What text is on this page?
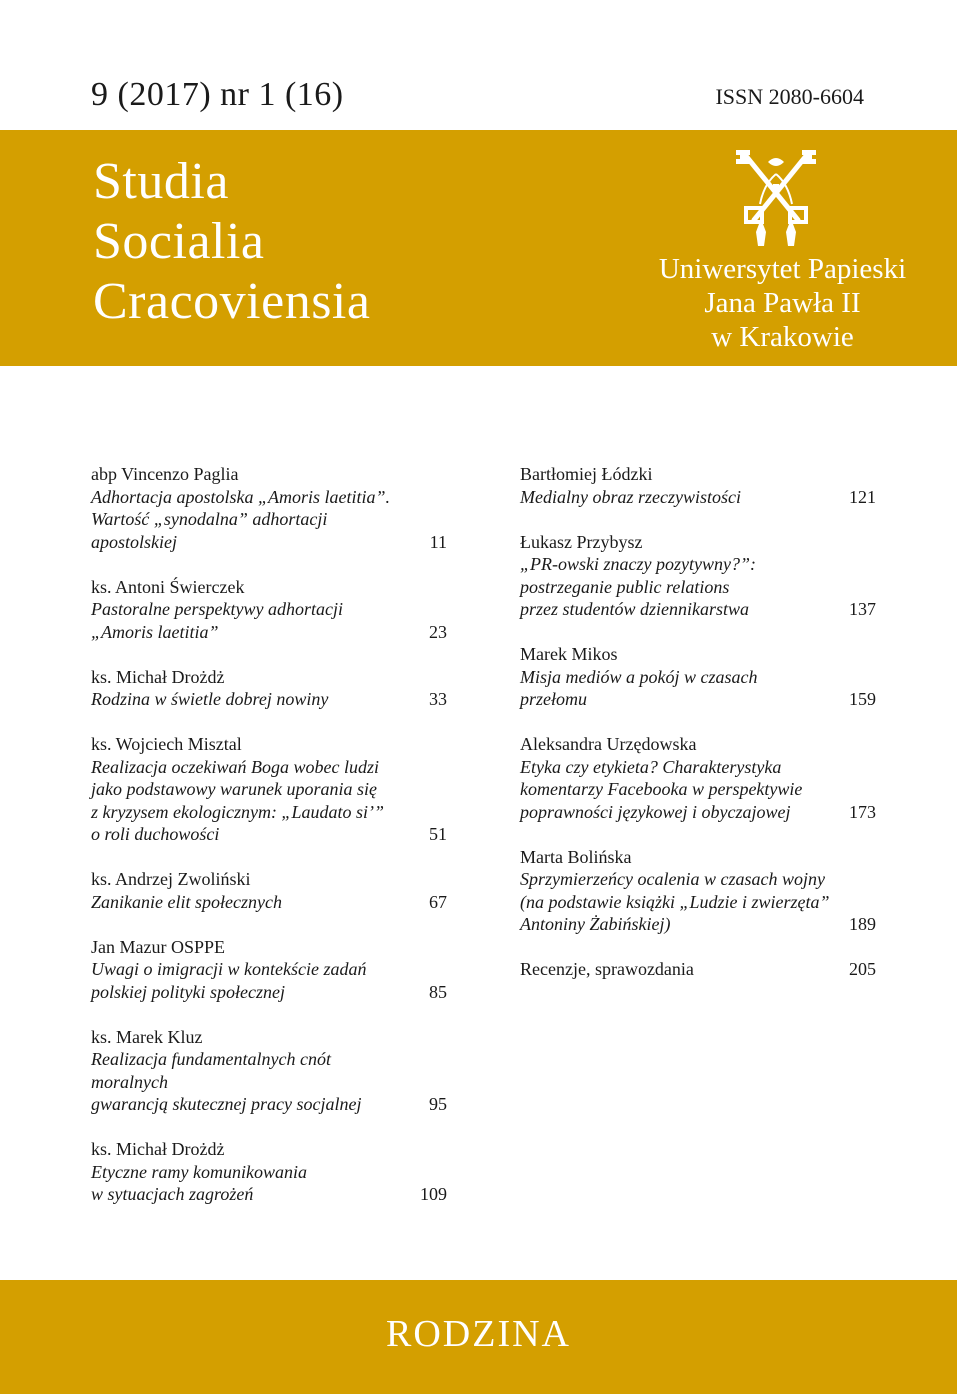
9 (2017) nr 1 (16)	ISSN 2080-6604
Studia
Socialia
Cracoviensia
Uniwersytet Papieski
Jana Pawła II
w Krakowie
abp Vincenzo Paglia
Adhortacja apostolska „Amoris laetitia”.
Wartość „synodalna” adhortacji apostolskiej	11
ks. Antoni Świerczek
Pastoralne perspektywy adhortacji
„Amoris laetitia”	23
ks. Michał Drożdż
Rodzina w świetle dobrej nowiny	33
ks. Wojciech Misztal
Realizacja oczekiwań Boga wobec ludzi
jako podstawowy warunek uporania się
z kryzysem ekologicznym: „Laudato si’”
o roli duchowości	51
ks. Andrzej Zwoliński
Zanikanie elit społecznych	67
Jan Mazur OSPPE
Uwagi o imigracji w kontekście zadań
polskiej polityki społecznej	85
ks. Marek Kluz
Realizacja fundamentalnych cnót moralnych
gwarancją skutecznej pracy socjalnej	95
ks. Michał Drożdż
Etyczne ramy komunikowania
w sytuacjach zagrożeń	109
Bartłomiej Łódzki
Medialny obraz rzeczywistości	121
Łukasz Przybysz
„PR-owski znaczy pozytywny?”:
postrzeganie public relations
przez studentów dziennikarstwa	137
Marek Mikos
Misja mediów a pokój w czasach
przełomu	159
Aleksandra Urzędowska
Etyka czy etykieta? Charakterystyka
komentarzy Facebooka w perspektywie
poprawności językowej i obyczajowej	173
Marta Bolińska
Sprzymierzeńcy ocalenia w czasach wojny
(na podstawie książki „Ludzie i zwierzęta”
Antoniny Żabińskiej)	189
Recenzje, sprawozdania	205
RODZINA
